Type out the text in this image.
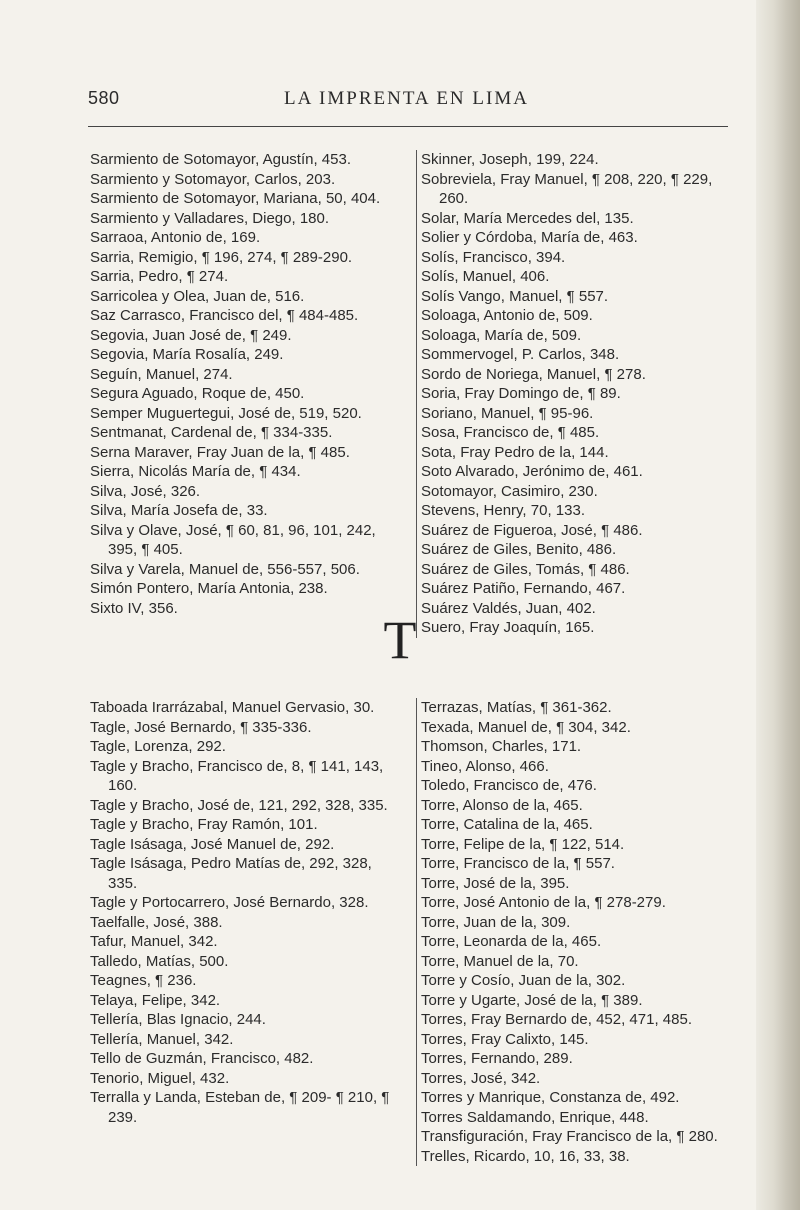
580	LA IMPRENTA EN LIMA

Sarmiento de Sotomayor, Agustín, 453.

Sarmiento y Sotomayor, Carlos, 203.

Sarmiento de Sotomayor, Mariana, 50, 404.

Sarmiento y Valladares, Diego, 180.

Sarraoa, Antonio de, 169.

Sarria, Remigio, ¶ 196, 274, ¶ 289-290.

Sarria, Pedro, ¶ 274.

Sarricolea y Olea, Juan de, 516.

Saz Carrasco, Francisco del, ¶ 484-485.

Segovia, Juan José de, ¶ 249.

Segovia, María Rosalía, 249.

Seguín, Manuel, 274.

Segura Aguado, Roque de, 450.

Semper Muguertegui, José de, 519, 520.

Sentmanat, Cardenal de, ¶ 334-335.

Serna Maraver, Fray Juan de la, ¶ 485.

Sierra, Nicolás María de, ¶ 434.

Silva, José, 326.

Silva, María Josefa de, 33.

Silva y Olave, José, ¶ 60, 81, 96, 101, 242, 395, ¶ 405.

Silva y Varela, Manuel de, 556-557, 506.

Simón Pontero, María Antonia, 238.

Sixto IV, 356.

Skinner, Joseph, 199, 224.

Sobreviela, Fray Manuel, ¶ 208, 220, ¶ 229, 260.

Solar, María Mercedes del, 135.

Solier y Córdoba, María de, 463.

Solís, Francisco, 394.

Solís, Manuel, 406.

Solís Vango, Manuel, ¶ 557.

Soloaga, Antonio de, 509.

Soloaga, María de, 509.

Sommervogel, P. Carlos, 348.

Sordo de Noriega, Manuel, ¶ 278.

Soria, Fray Domingo de, ¶ 89.

Soriano, Manuel, ¶ 95-96.

Sosa, Francisco de, ¶ 485.

Sota, Fray Pedro de la, 144.

Soto Alvarado, Jerónimo de, 461.

Sotomayor, Casimiro, 230.

Stevens, Henry, 70, 133.

Suárez de Figueroa, José, ¶ 486.

Suárez de Giles, Benito, 486.

Suárez de Giles, Tomás, ¶ 486.

Suárez Patiño, Fernando, 467.

Suárez Valdés, Juan, 402.

Suero, Fray Joaquín, 165.

T

Taboada Irarrázabal, Manuel Gervasio, 30.

Tagle, José Bernardo, ¶ 335-336.

Tagle, Lorenza, 292.

Tagle y Bracho, Francisco de, 8, ¶ 141, 143, 160.

Tagle y Bracho, José de, 121, 292, 328, 335.

Tagle y Bracho, Fray Ramón, 101.

Tagle Isásaga, José Manuel de, 292.

Tagle Isásaga, Pedro Matías de, 292, 328, 335.

Tagle y Portocarrero, José Bernardo, 328.

Taelfalle, José, 388.

Tafur, Manuel, 342.

Talledo, Matías, 500.

Teagnes, ¶ 236.

Telaya, Felipe, 342.

Tellería, Blas Ignacio, 244.

Tellería, Manuel, 342.

Tello de Guzmán, Francisco, 482.

Tenorio, Miguel, 432.

Terralla y Landa, Esteban de, ¶ 209- ¶ 210, ¶ 239.

Terrazas, Matías, ¶ 361-362.

Texada, Manuel de, ¶ 304, 342.

Thomson, Charles, 171.

Tineo, Alonso, 466.

Toledo, Francisco de, 476.

Torre, Alonso de la, 465.

Torre, Catalina de la, 465.

Torre, Felipe de la, ¶ 122, 514.

Torre, Francisco de la, ¶ 557.

Torre, José de la, 395.

Torre, José Antonio de la, ¶ 278-279.

Torre, Juan de la, 309.

Torre, Leonarda de la, 465.

Torre, Manuel de la, 70.

Torre y Cosío, Juan de la, 302.

Torre y Ugarte, José de la, ¶ 389.

Torres, Fray Bernardo de, 452, 471, 485.

Torres, Fray Calixto, 145.

Torres, Fernando, 289.

Torres, José, 342.

Torres y Manrique, Constanza de, 492.

Torres Saldamando, Enrique, 448.

Transfiguración, Fray Francisco de la, ¶ 280.

Trelles, Ricardo, 10, 16, 33, 38.
